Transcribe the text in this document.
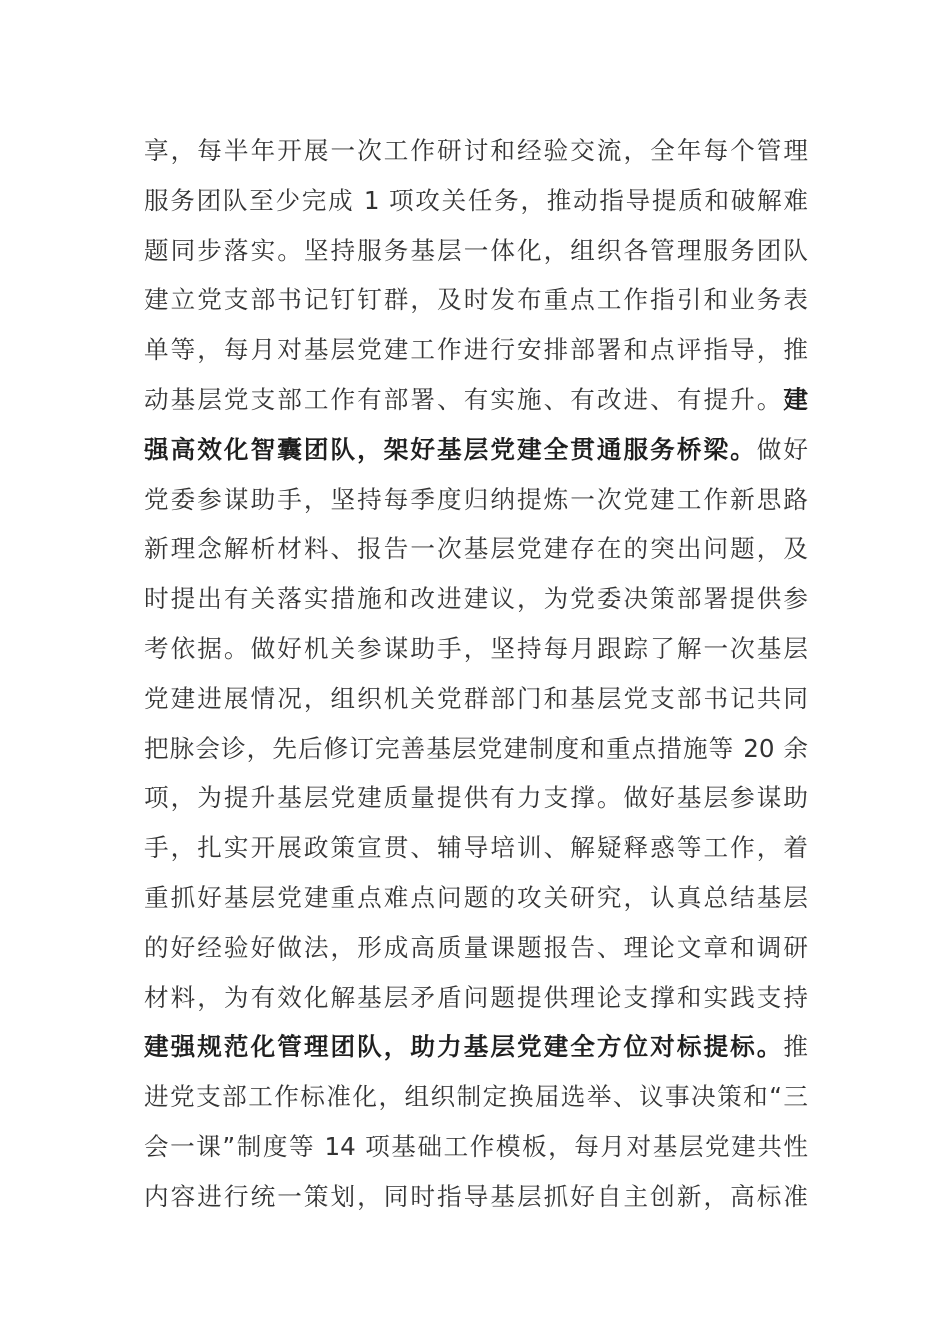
享，每半年开展一次工作研讨和经验交流，全年每个管理
服务团队至少完成 1 项攻关任务，推动指导提质和破解难
题同步落实。坚持服务基层一体化，组织各管理服务团队
建立党支部书记钉钉群，及时发布重点工作指引和业务表
单等，每月对基层党建工作进行安排部署和点评指导，推
动基层党支部工作有部署、有实施、有改进、有提升。建
强高效化智囊团队，架好基层党建全贯通服务桥梁。做好
党委参谋助手，坚持每季度归纳提炼一次党建工作新思路
新理念解析材料、报告一次基层党建存在的突出问题，及
时提出有关落实措施和改进建议，为党委决策部署提供参
考依据。做好机关参谋助手，坚持每月跟踪了解一次基层
党建进展情况，组织机关党群部门和基层党支部书记共同
把脉会诊，先后修订完善基层党建制度和重点措施等 20 余
项，为提升基层党建质量提供有力支撑。做好基层参谋助
手，扎实开展政策宣贯、辅导培训、解疑释惑等工作，着
重抓好基层党建重点难点问题的攻关研究，认真总结基层
的好经验好做法，形成高质量课题报告、理论文章和调研
材料，为有效化解基层矛盾问题提供理论支撑和实践支持
建强规范化管理团队，助力基层党建全方位对标提标。推
进党支部工作标准化，组织制定换届选举、议事决策和“三
会一课”制度等 14 项基础工作模板，每月对基层党建共性
内容进行统一策划，同时指导基层抓好自主创新，高标准
